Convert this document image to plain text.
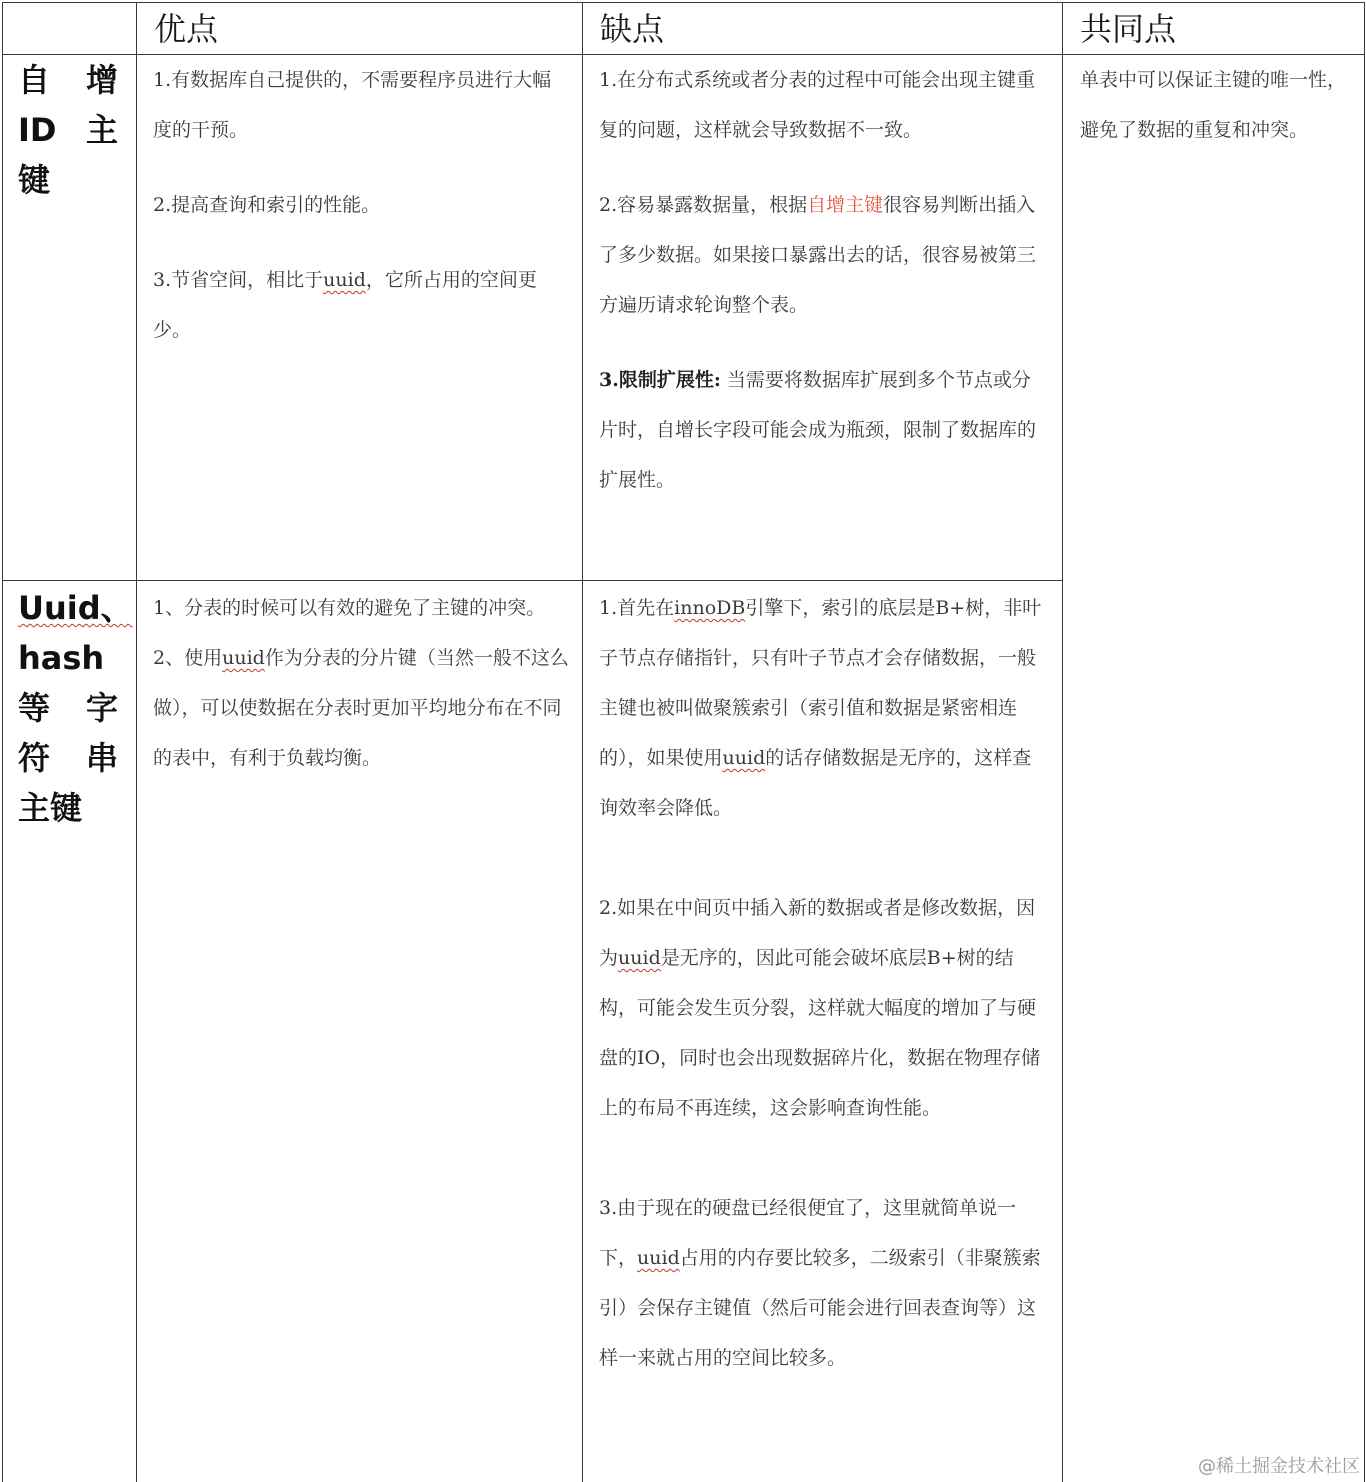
优点	缺点	共同点
自 增
ID 主
键

1.有数据库自己提供的，不需要程序员进行大幅度的干预。

2.提高查询和索引的性能。

3.节省空间，相比于uuid，它所占用的空间更少。

1.在分布式系统或者分表的过程中可能会出现主键重复的问题，这样就会导致数据不一致。

2.容易暴露数据量，根据自增主键很容易判断出插入了多少数据。如果接口暴露出去的话，很容易被第三方遍历请求轮询整个表。

3.限制扩展性: 当需要将数据库扩展到多个节点或分片时，自增长字段可能会成为瓶颈，限制了数据库的扩展性。

单表中可以保证主键的唯一性，避免了数据的重复和冲突。

Uuid、
hash
等 字
符 串
主键

1、分表的时候可以有效的避免了主键的冲突。

2、使用uuid作为分表的分片键（当然一般不这么做），可以使数据在分表时更加平均地分布在不同的表中，有利于负载均衡。

1.首先在innoDB引擎下，索引的底层是B+树，非叶子节点存储指针，只有叶子节点才会存储数据，一般主键也被叫做聚簇索引（索引值和数据是紧密相连的），如果使用uuid的话存储数据是无序的，这样查询效率会降低。

2.如果在中间页中插入新的数据或者是修改数据，因为uuid是无序的，因此可能会破坏底层B+树的结构，可能会发生页分裂，这样就大幅度的增加了与硬盘的IO，同时也会出现数据碎片化，数据在物理存储上的布局不再连续，这会影响查询性能。

3.由于现在的硬盘已经很便宜了，这里就简单说一下，uuid占用的内存要比较多，二级索引（非聚簇索引）会保存主键值（然后可能会进行回表查询等）这样一来就占用的空间比较多。

@稀土掘金技术社区
